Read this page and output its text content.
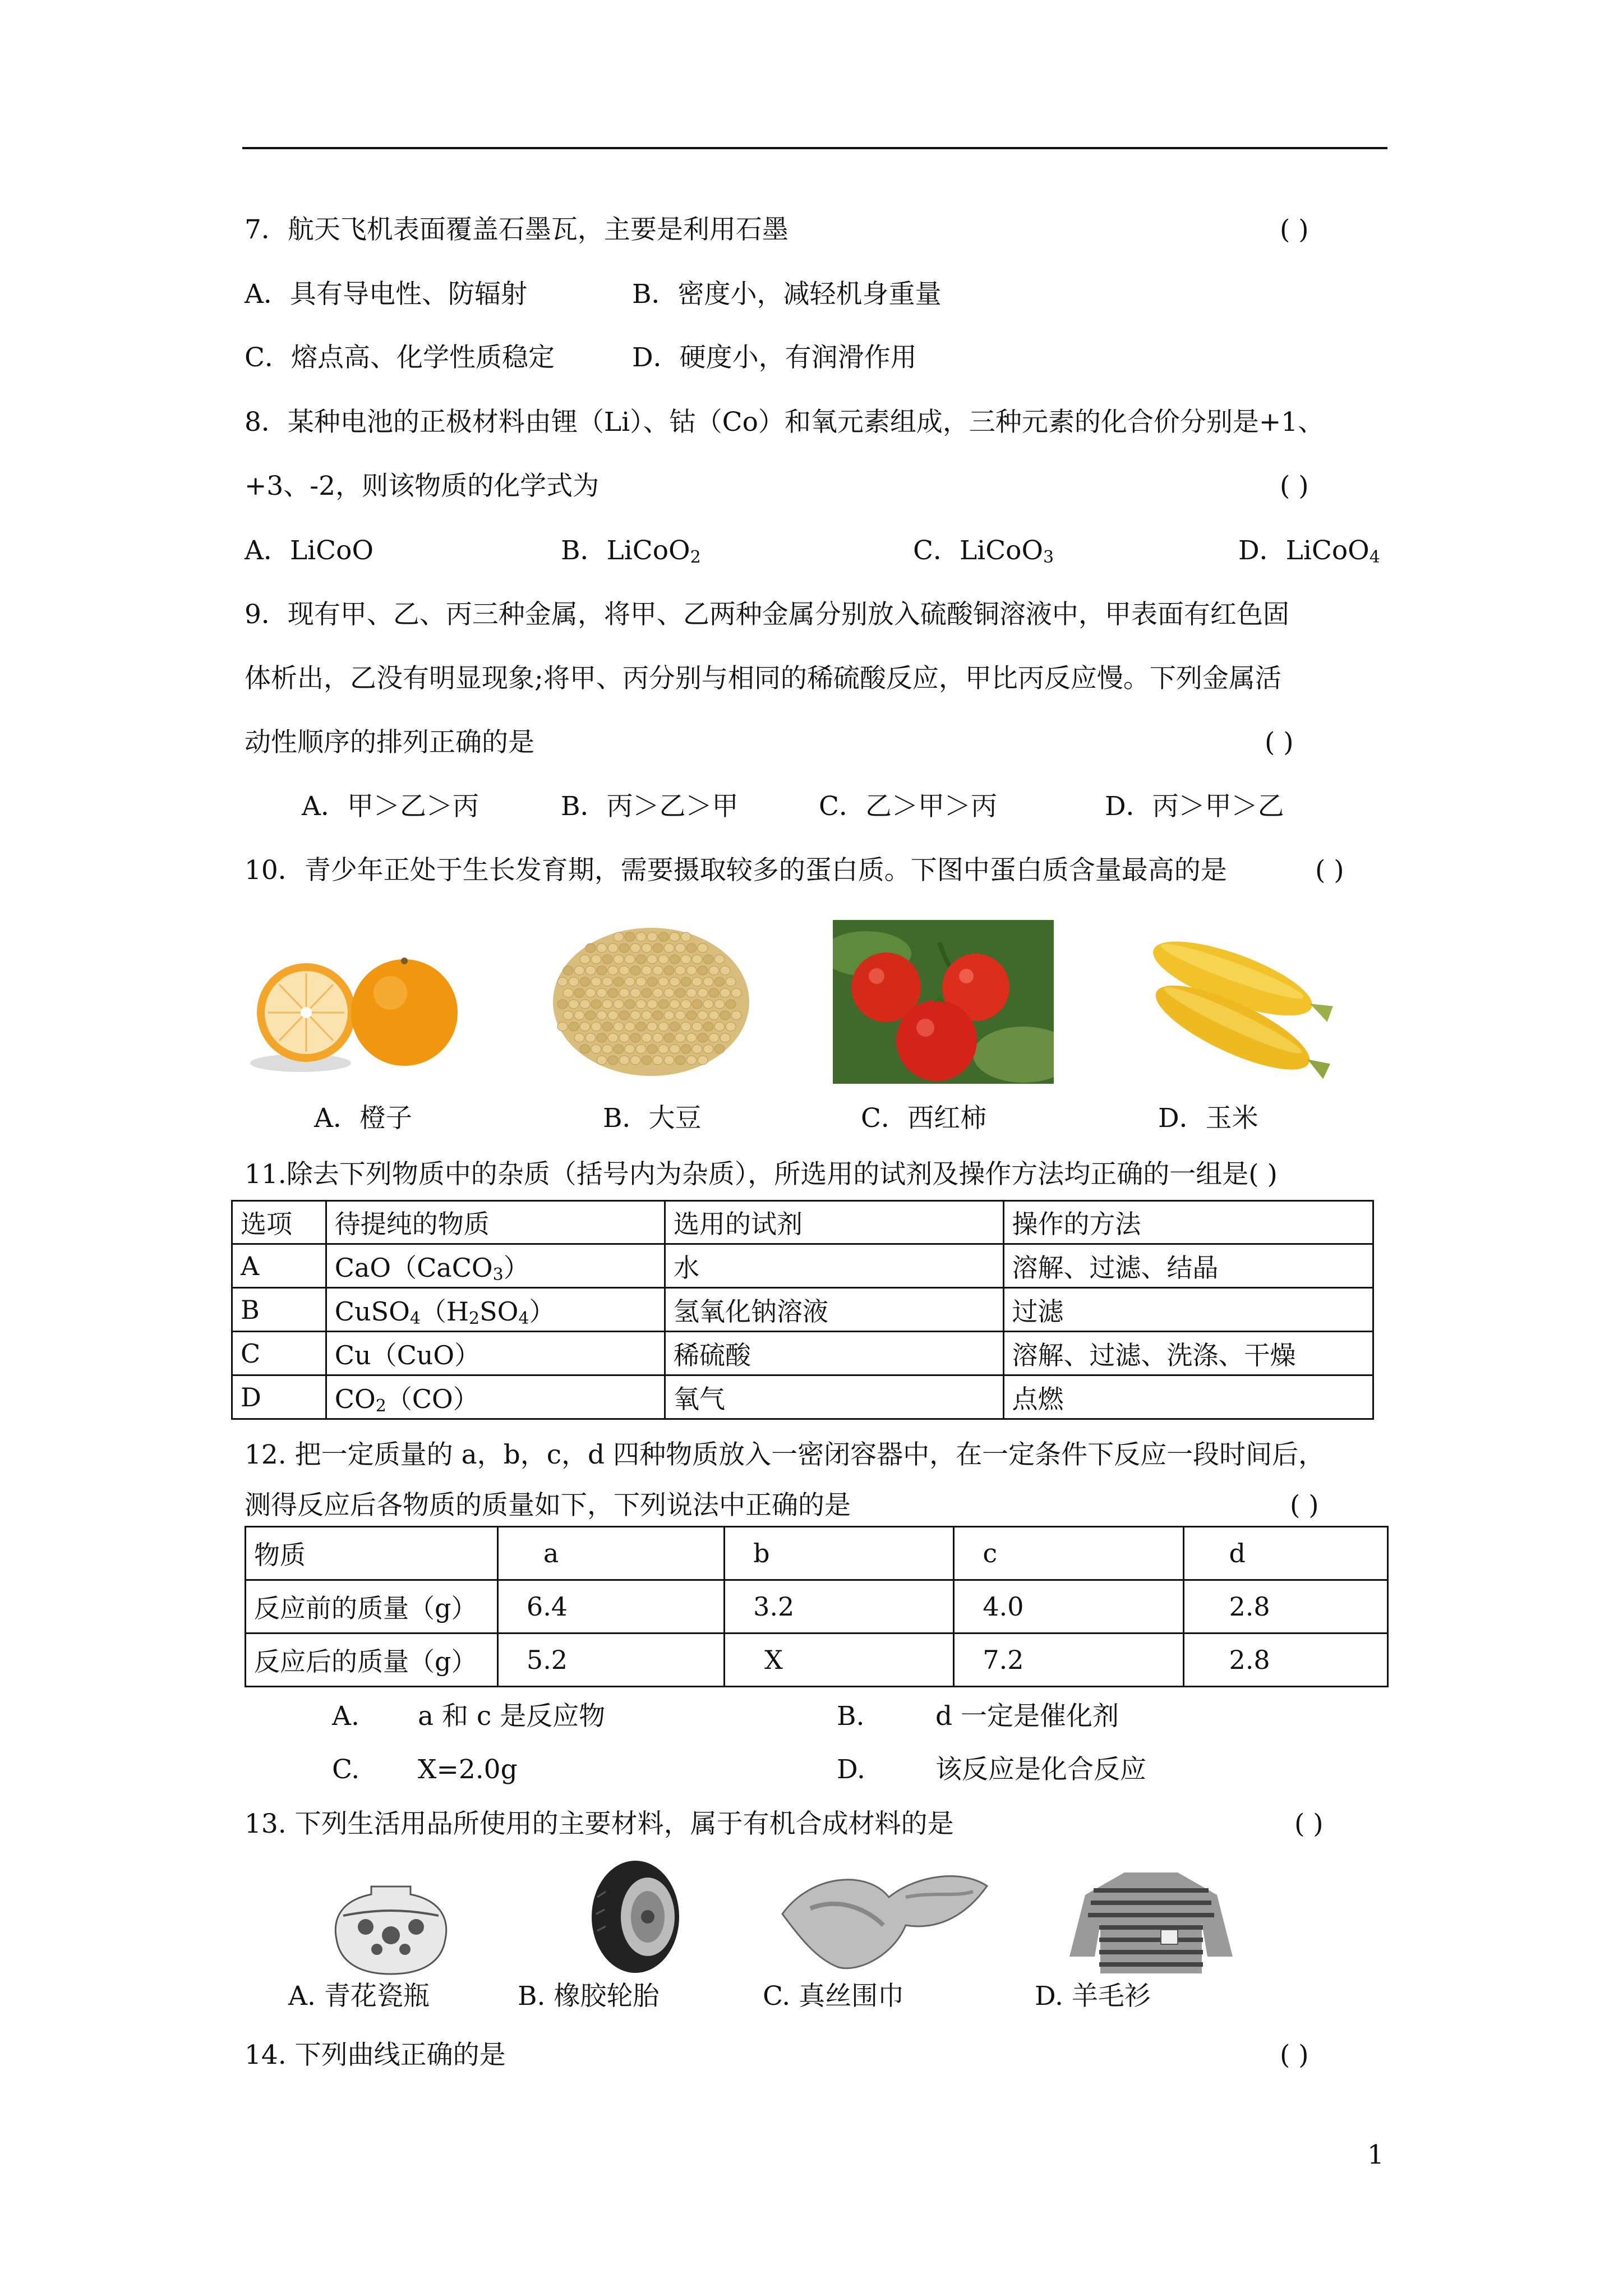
7．航天飞机表面覆盖石墨瓦，主要是利用石墨	( )
A．具有导电性、防辐射	B．密度小，减轻机身重量
C．熔点高、化学性质稳定	D．硬度小，有润滑作用
8．某种电池的正极材料由锂（Li）、钴（Co）和氧元素组成，三种元素的化合价分别是+1、
+3、-2，则该物质的化学式为	( )
A．LiCoO	B．LiCoO$_2$	C．LiCoO$_3$	D．LiCoO$_4$
9．现有甲、乙、丙三种金属，将甲、乙两种金属分别放入硫酸铜溶液中，甲表面有红色固
体析出，乙没有明显现象;将甲、丙分别与相同的稀硫酸反应，甲比丙反应慢。下列金属活
动性顺序的排列正确的是	( )
A．甲＞乙＞丙	B．丙＞乙＞甲	C．乙＞甲＞丙	D．丙＞甲＞乙
10．青少年正处于生长发育期，需要摄取较多的蛋白质。下图中蛋白质含量最高的是	( )
A．橙子	B．大豆	C．西红柿	D．玉米
11.除去下列物质中的杂质（括号内为杂质），所选用的试剂及操作方法均正确的一组是( )
选项	待提纯的物质	选用的试剂	操作的方法
A	CaO（CaCO$_3$）	水	溶解、过滤、结晶
B	$CuSO_4(H_2SO_4)$	氢氧化钠溶液	过滤
C	Cu（CuO）	稀硫酸	溶解、过滤、洗涤、干燥
D	$CO_2(CO)$	氧气	点燃
12. 把一定质量的 a，b，c，d 四种物质放入一密闭容器中，在一定条件下反应一段时间后，
测得反应后各物质的质量如下，下列说法中正确的是	( )
物质	a	b	c	d
反应前的质量（g）	6.4	3.2	4.0	2.8
反应后的质量（g）	5.2	X	7.2	2.8
A. a 和 c 是反应物	B.	d 一定是催化剂
C. X=2.0g	D.	该反应是化合反应
13. 下列生活用品所使用的主要材料，属于有机合成材料的是	( )
A. 青花瓷瓶	B. 橡胶轮胎	C. 真丝围巾	D. 羊毛衫
14. 下列曲线正确的是	( )
1
